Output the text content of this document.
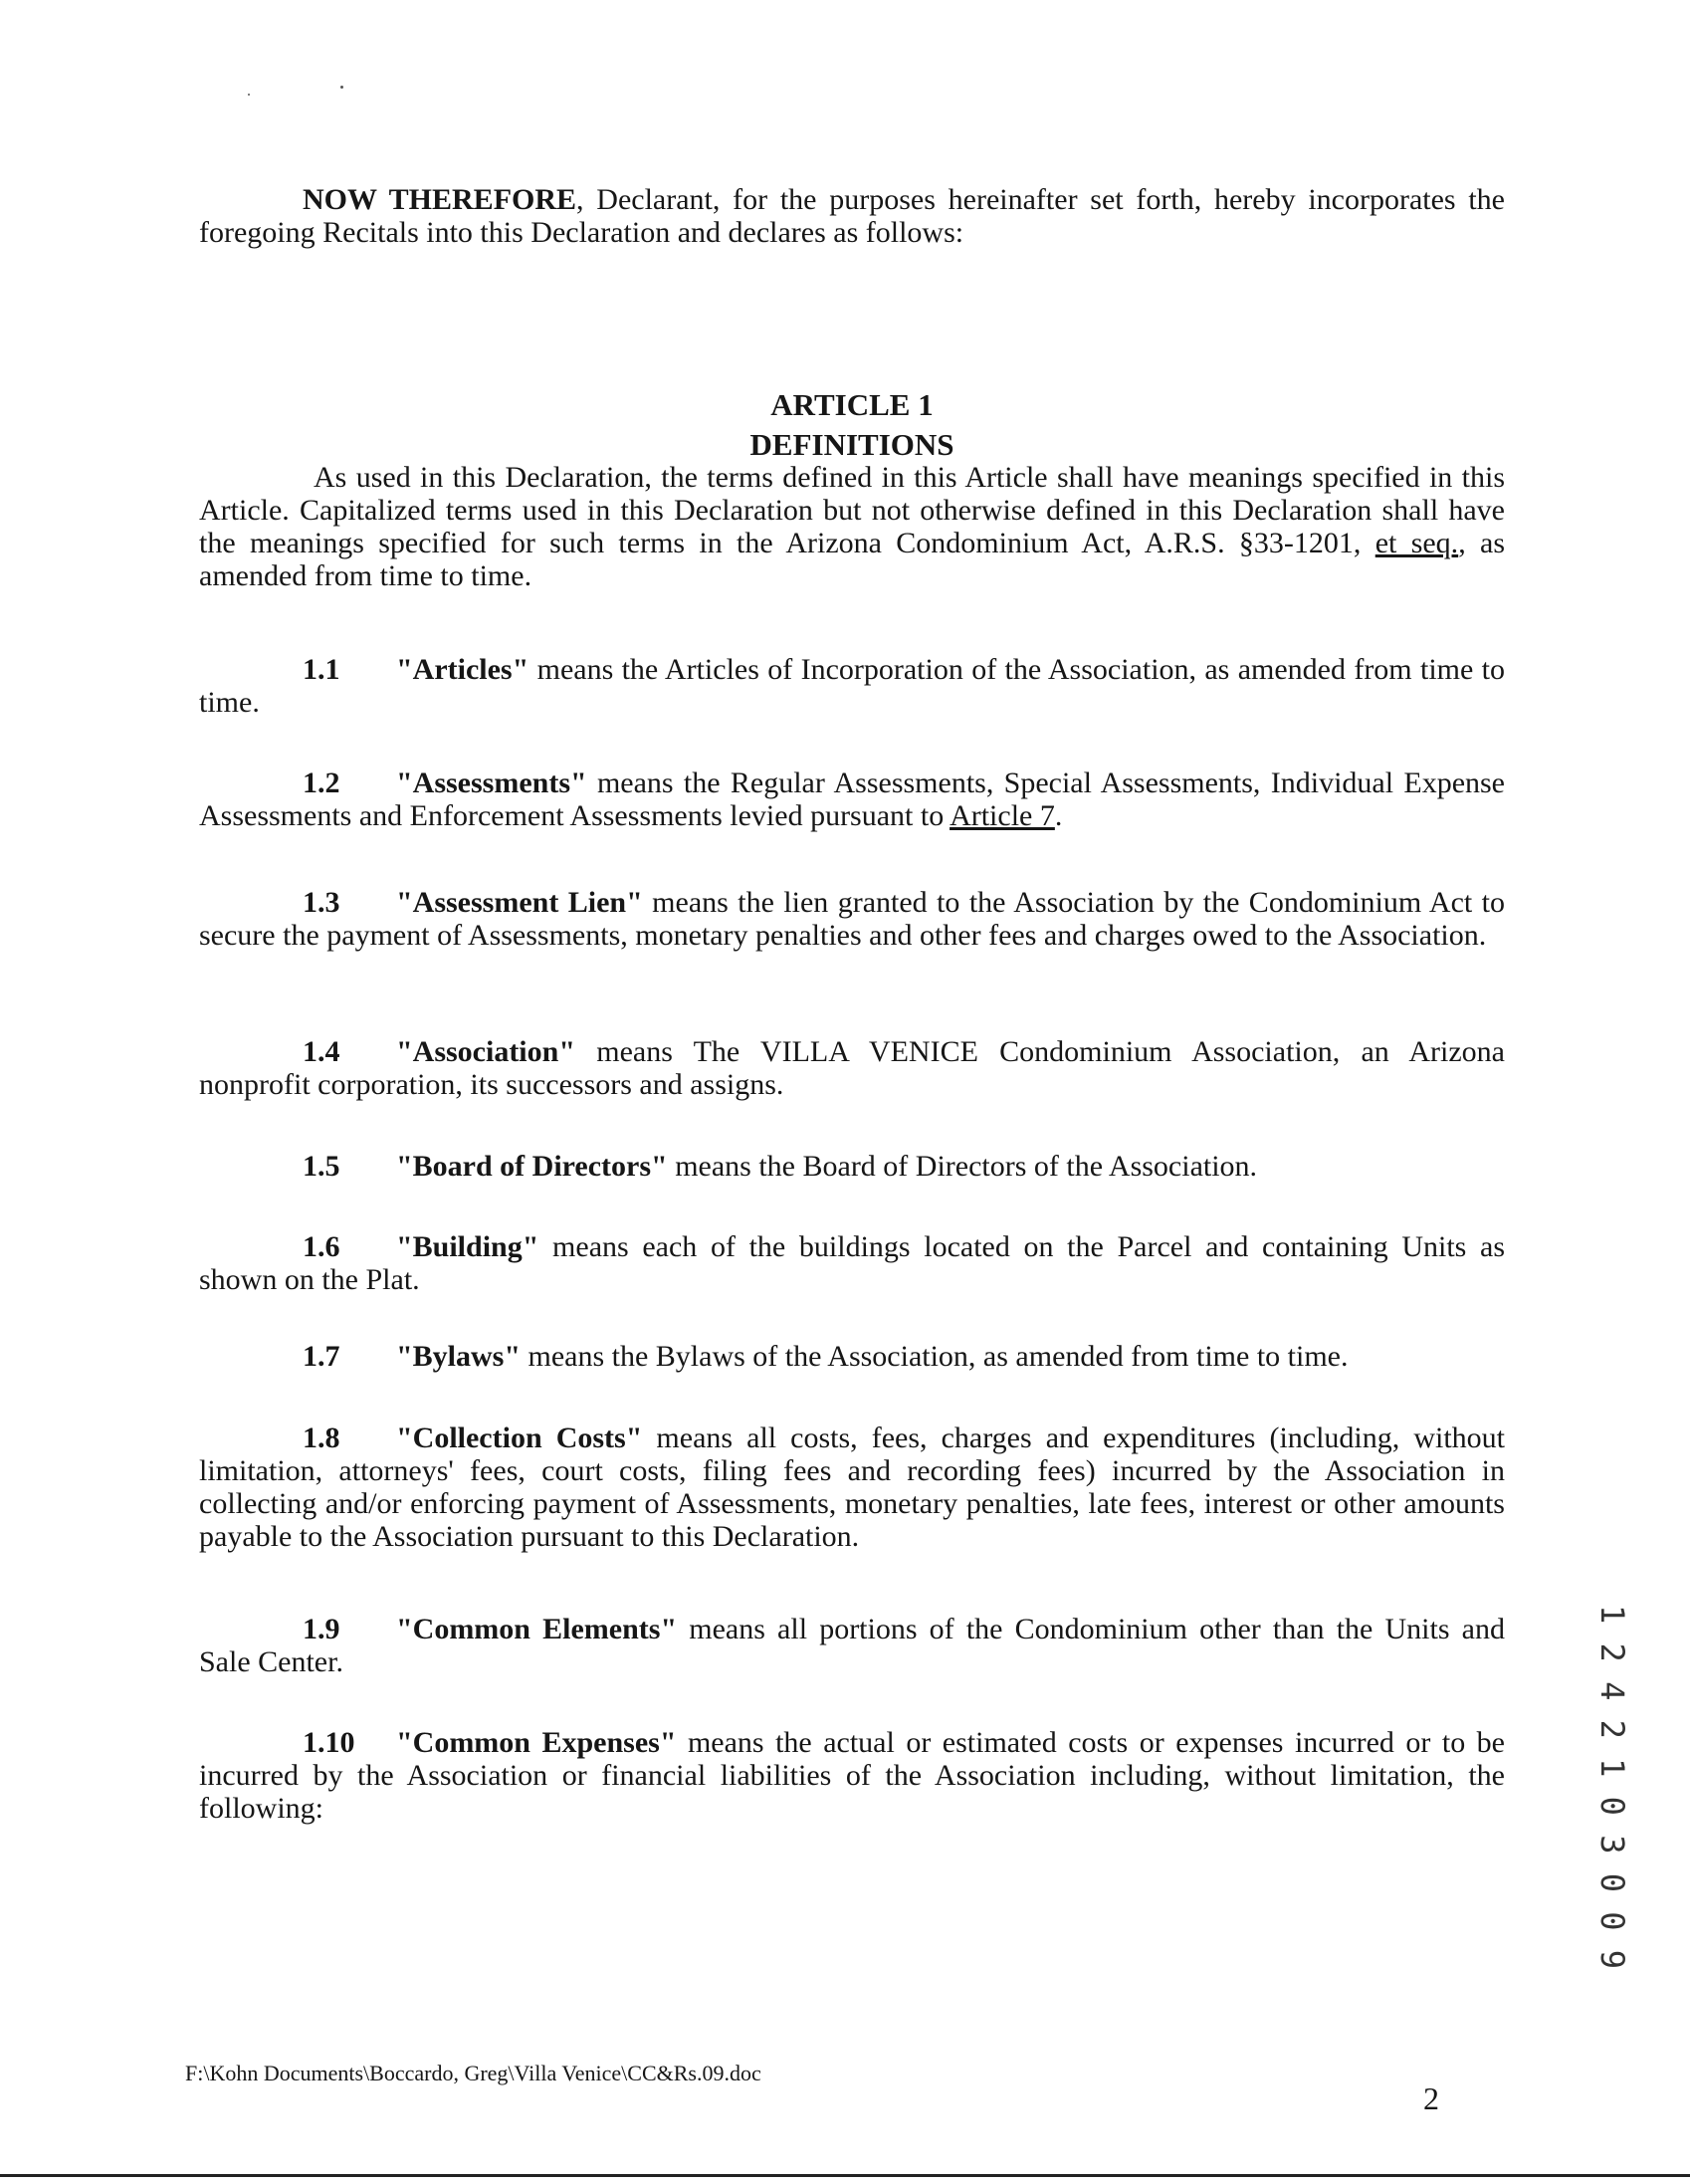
NOW THEREFORE, Declarant, for the purposes hereinafter set forth, hereby incorporates the foregoing Recitals into this Declaration and declares as follows:
ARTICLE 1
DEFINITIONS
As used in this Declaration, the terms defined in this Article shall have meanings specified in this Article. Capitalized terms used in this Declaration but not otherwise defined in this Declaration shall have the meanings specified for such terms in the Arizona Condominium Act, A.R.S. §33-1201, et seq., as amended from time to time.
1.1 "Articles" means the Articles of Incorporation of the Association, as amended from time to time.
1.2 "Assessments" means the Regular Assessments, Special Assessments, Individual Expense Assessments and Enforcement Assessments levied pursuant to Article 7.
1.3 "Assessment Lien" means the lien granted to the Association by the Condominium Act to secure the payment of Assessments, monetary penalties and other fees and charges owed to the Association.
1.4 "Association" means The VILLA VENICE Condominium Association, an Arizona nonprofit corporation, its successors and assigns.
1.5 "Board of Directors" means the Board of Directors of the Association.
1.6 "Building" means each of the buildings located on the Parcel and containing Units as shown on the Plat.
1.7 "Bylaws" means the Bylaws of the Association, as amended from time to time.
1.8 "Collection Costs" means all costs, fees, charges and expenditures (including, without limitation, attorneys' fees, court costs, filing fees and recording fees) incurred by the Association in collecting and/or enforcing payment of Assessments, monetary penalties, late fees, interest or other amounts payable to the Association pursuant to this Declaration.
1.9 "Common Elements" means all portions of the Condominium other than the Units and Sale Center.
1.10 "Common Expenses" means the actual or estimated costs or expenses incurred or to be incurred by the Association or financial liabilities of the Association including, without limitation, the following:	1 2 4 2 1 0 3 0 0 9
F:\Kohn Documents\Boccardo, Greg\Villa Venice\CC&Rs.09.doc
2
